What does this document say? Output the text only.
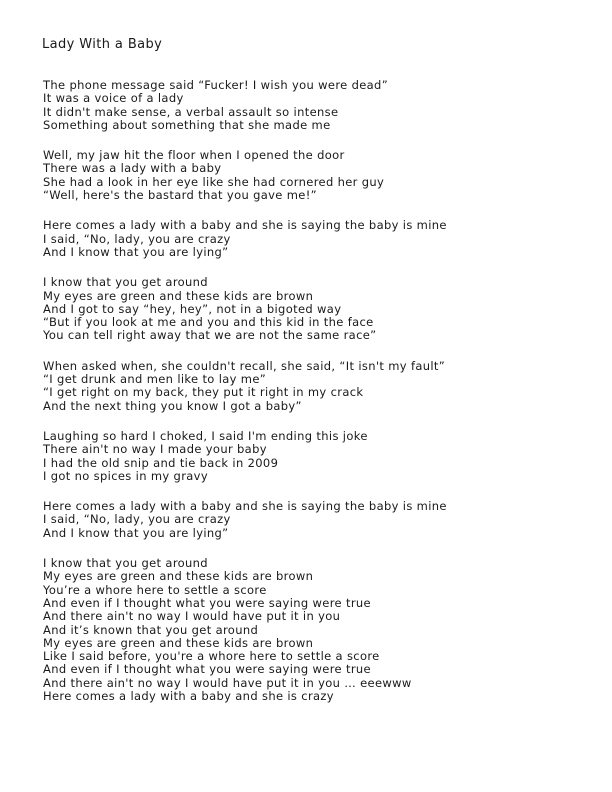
Lady With a Baby
The phone message said “Fucker! I wish you were dead”
It was a voice of a lady
It didn't make sense, a verbal assault so intense
Something about something that she made me
Well, my jaw hit the floor when I opened the door
There was a lady with a baby
She had a look in her eye like she had cornered her guy
“Well, here's the bastard that you gave me!”
Here comes a lady with a baby and she is saying the baby is mine
I said, “No, lady, you are crazy
And I know that you are lying”
I know that you get around
My eyes are green and these kids are brown
And I got to say “hey, hey”, not in a bigoted way
“But if you look at me and you and this kid in the face
You can tell right away that we are not the same race”
When asked when, she couldn't recall, she said, “It isn't my fault”
“I get drunk and men like to lay me”
“I get right on my back, they put it right in my crack
And the next thing you know I got a baby”
Laughing so hard I choked, I said I'm ending this joke
There ain't no way I made your baby
I had the old snip and tie back in 2009
I got no spices in my gravy
Here comes a lady with a baby and she is saying the baby is mine
I said, “No, lady, you are crazy
And I know that you are lying”
I know that you get around
My eyes are green and these kids are brown
You’re a whore here to settle a score
And even if I thought what you were saying were true
And there ain't no way I would have put it in you
And it’s known that you get around
My eyes are green and these kids are brown
Like I said before, you're a whore here to settle a score
And even if I thought what you were saying were true
And there ain't no way I would have put it in you … eeewww
Here comes a lady with a baby and she is crazy
